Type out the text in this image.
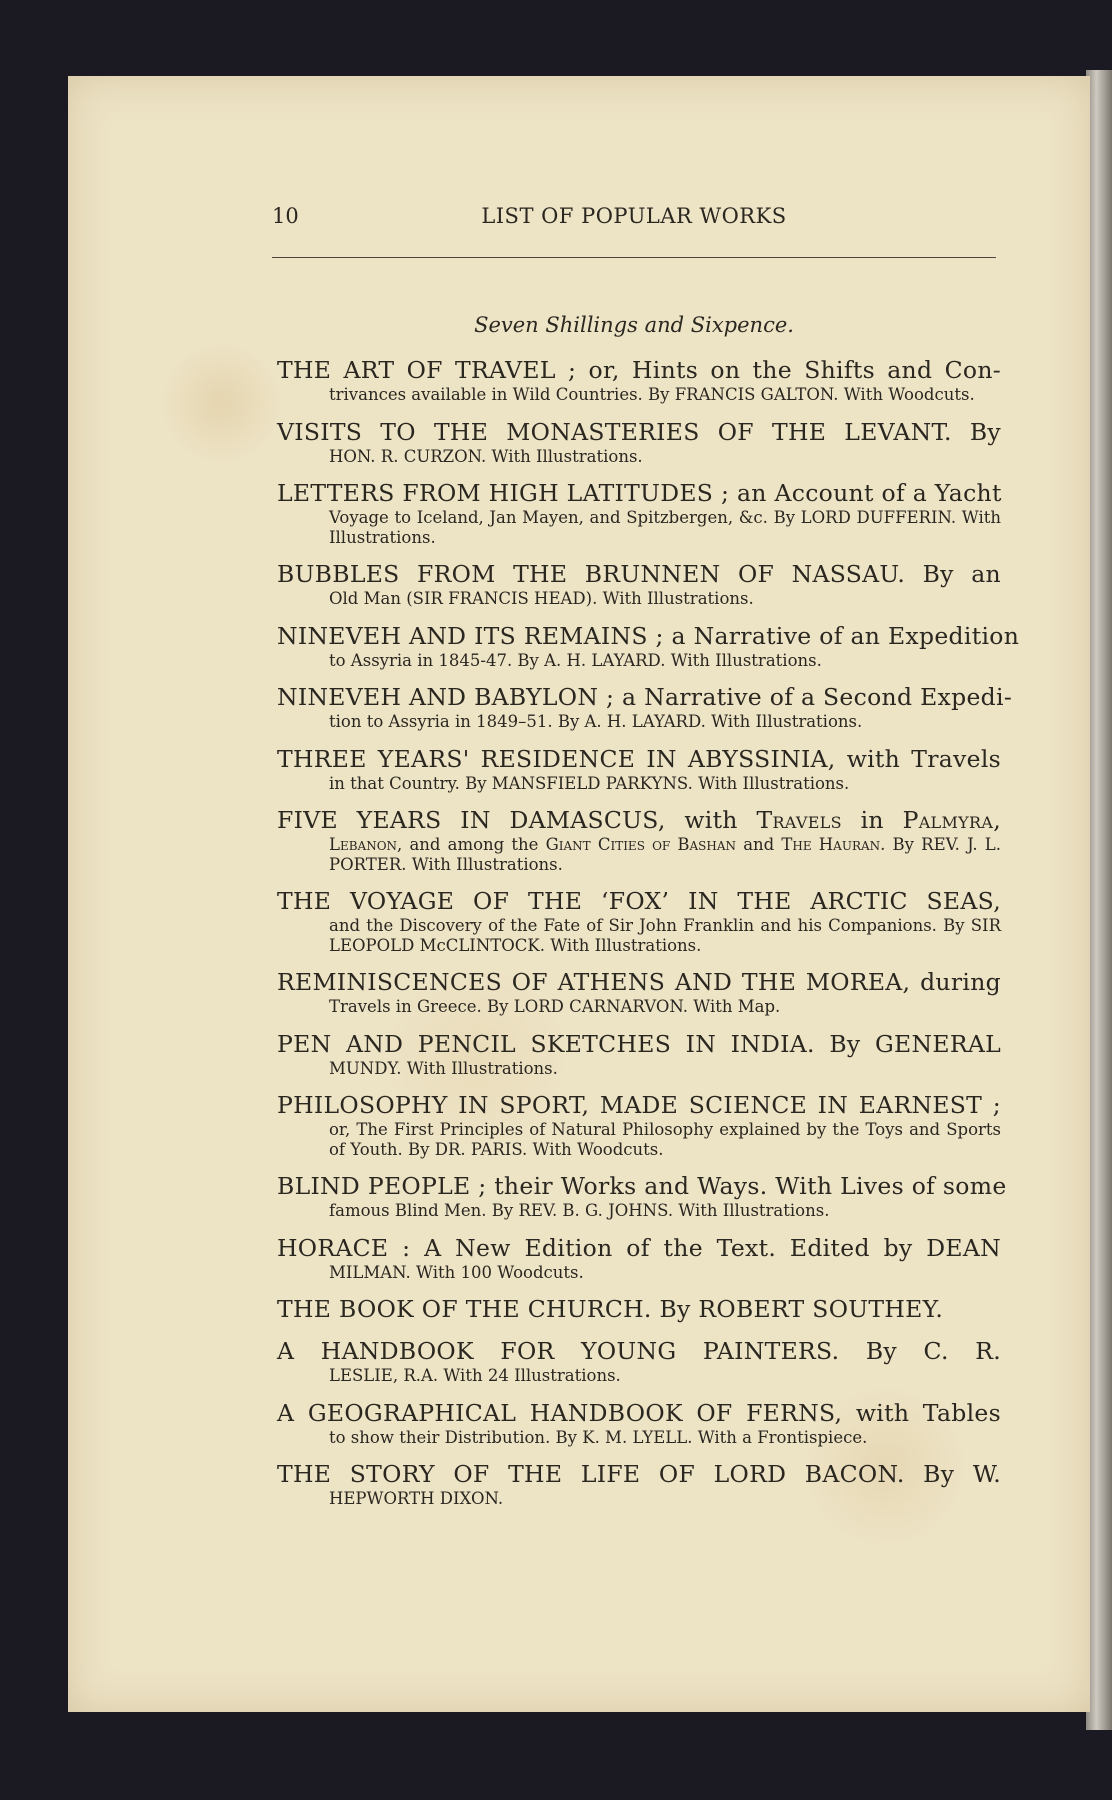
10	LIST OF POPULAR WORKS
Seven Shillings and Sixpence.
THE ART OF TRAVEL ; or, Hints on the Shifts and Con-
trivances available in Wild Countries. By FRANCIS GALTON. With Woodcuts.
VISITS TO THE MONASTERIES OF THE LEVANT. By
HON. R. CURZON. With Illustrations.
LETTERS FROM HIGH LATITUDES ; an Account of a Yacht
Voyage to Iceland, Jan Mayen, and Spitzbergen, &c. By LORD DUFFERIN. With Illustrations.
BUBBLES FROM THE BRUNNEN OF NASSAU. By an
Old Man (SIR FRANCIS HEAD). With Illustrations.
NINEVEH AND ITS REMAINS ; a Narrative of an Expedition
to Assyria in 1845-47. By A. H. LAYARD. With Illustrations.
NINEVEH AND BABYLON ; a Narrative of a Second Expedi-
tion to Assyria in 1849–51. By A. H. LAYARD. With Illustrations.
THREE YEARS' RESIDENCE IN ABYSSINIA, with Travels
in that Country. By MANSFIELD PARKYNS. With Illustrations.
FIVE YEARS IN DAMASCUS, with Travels in Palmyra,
Lebanon, and among the Giant Cities of Bashan and The Hauran. By REV. J. L. PORTER. With Illustrations.
THE VOYAGE OF THE ‘FOX’ IN THE ARCTIC SEAS,
and the Discovery of the Fate of Sir John Franklin and his Companions. By SIR LEOPOLD McCLINTOCK. With Illustrations.
REMINISCENCES OF ATHENS AND THE MOREA, during
Travels in Greece. By LORD CARNARVON. With Map.
PEN AND PENCIL SKETCHES IN INDIA. By GENERAL
MUNDY. With Illustrations.
PHILOSOPHY IN SPORT, MADE SCIENCE IN EARNEST ;
or, The First Principles of Natural Philosophy explained by the Toys and Sports of Youth. By DR. PARIS. With Woodcuts.
BLIND PEOPLE ; their Works and Ways. With Lives of some
famous Blind Men. By REV. B. G. JOHNS. With Illustrations.
HORACE : A New Edition of the Text. Edited by DEAN
MILMAN. With 100 Woodcuts.
THE BOOK OF THE CHURCH. By ROBERT SOUTHEY.
A HANDBOOK FOR YOUNG PAINTERS. By C. R.
LESLIE, R.A. With 24 Illustrations.
A GEOGRAPHICAL HANDBOOK OF FERNS, with Tables
to show their Distribution. By K. M. LYELL. With a Frontispiece.
THE STORY OF THE LIFE OF LORD BACON. By W.
HEPWORTH DIXON.
